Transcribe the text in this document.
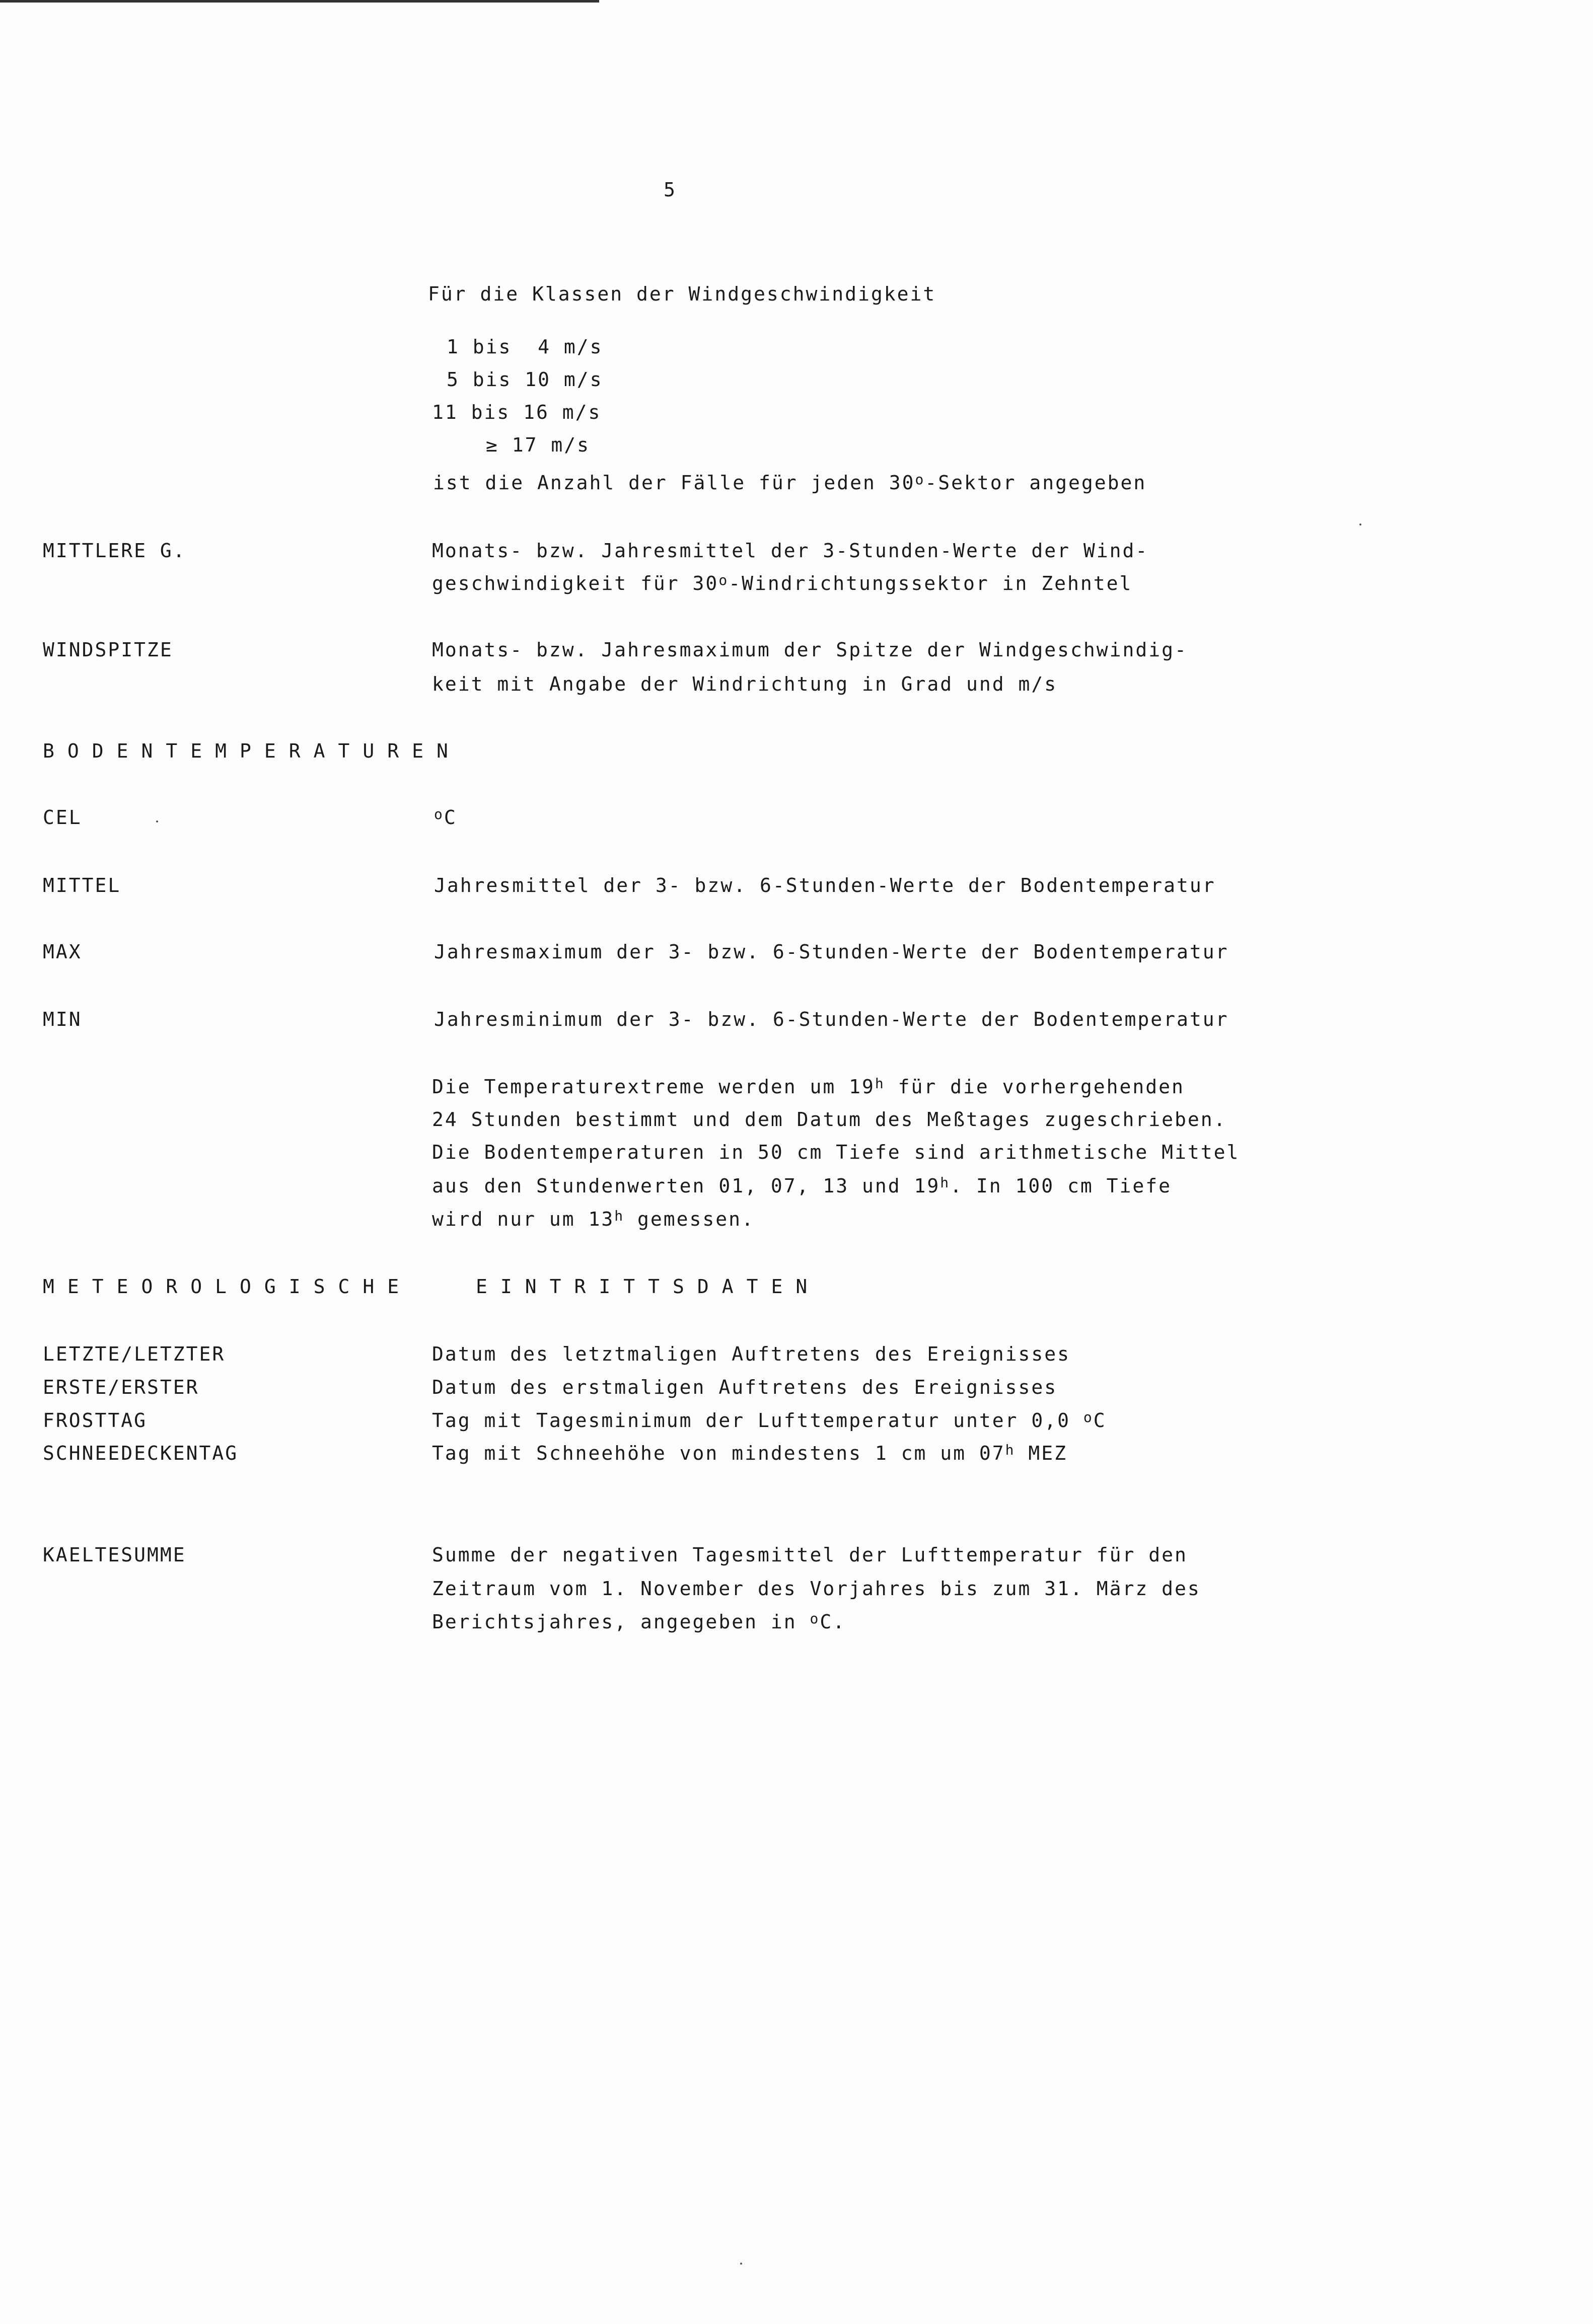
5
Für die Klassen der Windgeschwindigkeit
1 bis  4 m/s
5 bis 10 m/s
11 bis 16 m/s
≥ 17 m/s
ist die Anzahl der Fälle für jeden 30$^o$-Sektor angegeben
MITTLERE G.	Monats- bzw. Jahresmittel der 3-Stunden-Werte der Wind-
geschwindigkeit für 30$^o$-Windrichtungssektor in Zehntel
WINDSPITZE	Monats- bzw. Jahresmaximum der Spitze der Windgeschwindig-
keit mit Angabe der Windrichtung in Grad und m/s
BODENTEMPERATUREN
CEL	$^o$C
MITTEL	Jahresmittel der 3- bzw. 6-Stunden-Werte der Bodentemperatur
MAX	Jahresmaximum der 3- bzw. 6-Stunden-Werte der Bodentemperatur
MIN	Jahresminimum der 3- bzw. 6-Stunden-Werte der Bodentemperatur
Die Temperaturextreme werden um 19$^h$ für die vorhergehenden
24 Stunden bestimmt und dem Datum des Meßtages zugeschrieben.
Die Bodentemperaturen in 50 cm Tiefe sind arithmetische Mittel
aus den Stundenwerten 01, 07, 13 und 19$^h$. In 100 cm Tiefe
wird nur um 13$^h$ gemessen.
METEOROLOGISCHE	EINTRITTSDATEN
LETZTE/LETZTER	Datum des letztmaligen Auftretens des Ereignisses
ERSTE/ERSTER	Datum des erstmaligen Auftretens des Ereignisses
FROSTTAG	Tag mit Tagesminimum der Lufttemperatur unter 0,0 $^o$C
SCHNEEDECKENTAG	Tag mit Schneehöhe von mindestens 1 cm um 07$^h$ MEZ
KAELTESUMME	Summe der negativen Tagesmittel der Lufttemperatur für den
Zeitraum vom 1. November des Vorjahres bis zum 31. März des
Berichtsjahres, angegeben in $^o$C.
